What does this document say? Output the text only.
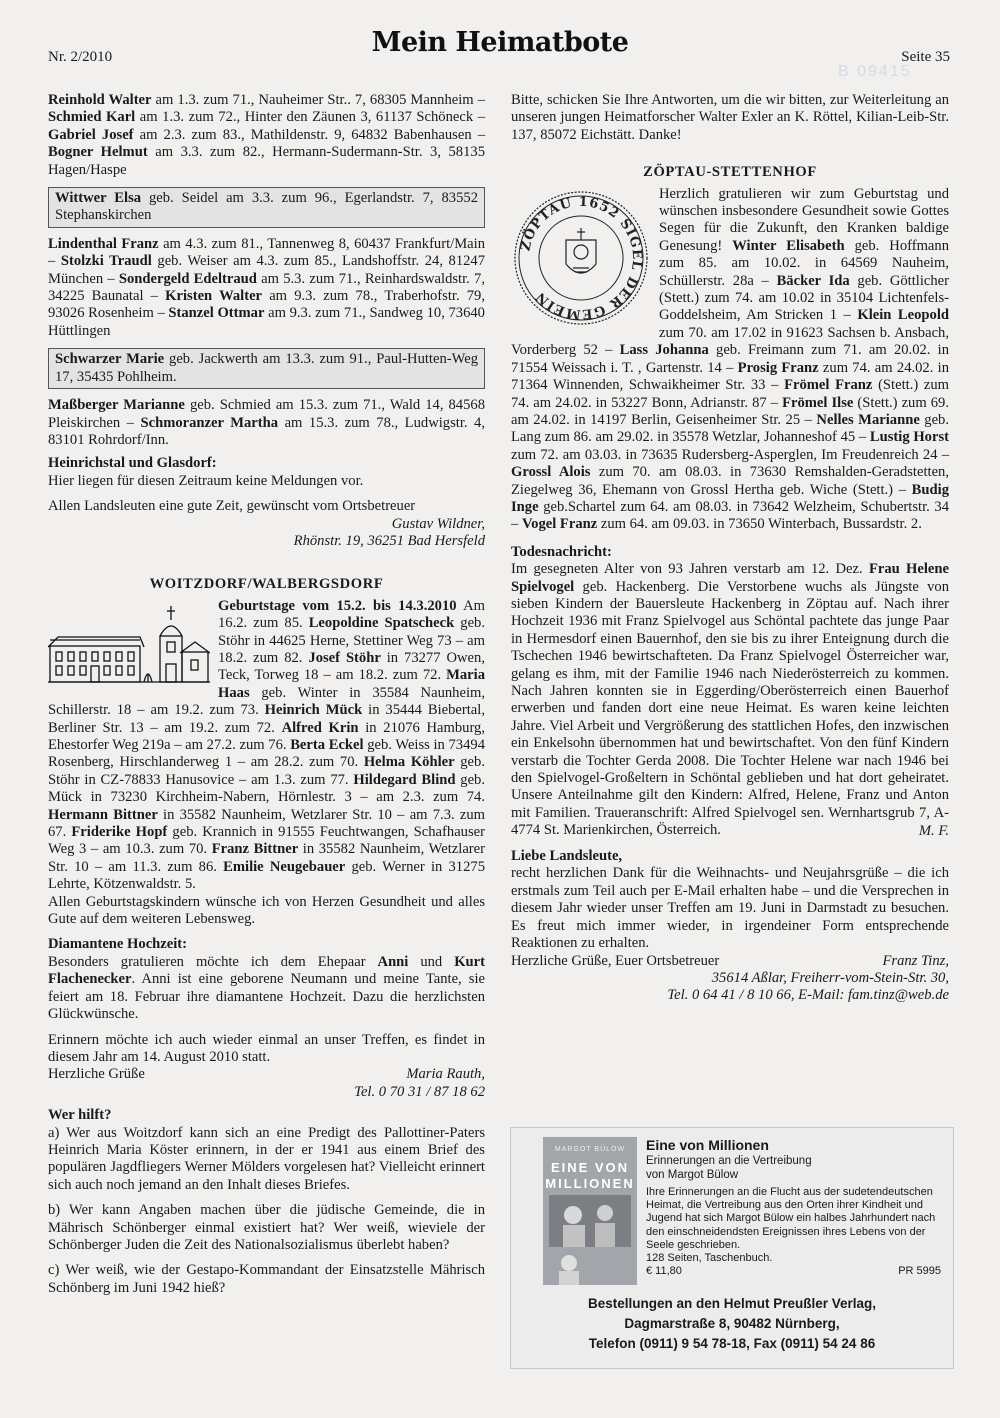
Nr. 2/2010	Mein Heimatbote	Seite 35
B 09415

Reinhold Walter am 1.3. zum 71., Nauheimer Str.. 7, 68305 Mannheim – Schmied Karl am 1.3. zum 72., Hinter den Zäunen 3, 61137 Schöneck – Gabriel Josef am 2.3. zum 83., Mathildenstr. 9, 64832 Babenhausen – Bogner Helmut am 3.3. zum 82., Hermann-Sudermann-Str. 3, 58135 Hagen/Haspe

Wittwer Elsa geb. Seidel am 3.3. zum 96., Egerlandstr. 7, 83552 Stephanskirchen

Lindenthal Franz am 4.3. zum 81., Tannenweg 8, 60437 Frankfurt/Main – Stolzki Traudl geb. Weiser am 4.3. zum 85., Landshoffstr. 24, 81247 München – Sondergeld Edeltraud am 5.3. zum 71., Reinhardswaldstr. 7, 34225 Baunatal – Kristen Walter am 9.3. zum 78., Traberhofstr. 79, 93026 Rosenheim – Stanzel Ottmar am 9.3. zum 71., Sandweg 10, 73640 Hüttlingen

Schwarzer Marie geb. Jackwerth am 13.3. zum 91., Paul-Hutten-Weg 17, 35435 Pohlheim.

Maßberger Marianne geb. Schmied am 15.3. zum 71., Wald 14, 84568 Pleiskirchen – Schmoranzer Martha am 15.3. zum 78., Ludwigstr. 4, 83101 Rohrdorf/Inn.

Heinrichstal und Glasdorf:

Hier liegen für diesen Zeitraum keine Meldungen vor.

Allen Landsleuten eine gute Zeit, gewünscht vom Ortsbetreuer

Gustav Wildner,
Rhönstr. 19, 36251 Bad Hersfeld
WOITZDORF/WALBERGSDORF

Geburtstage vom 15.2. bis 14.3.2010 Am 16.2. zum 85. Leopoldine Spatscheck geb. Stöhr in 44625 Herne, Stettiner Weg 73 – am 18.2. zum 82. Josef Stöhr in 73277 Owen, Teck, Torweg 18 – am 18.2. zum 72. Maria Haas geb. Winter in 35584 Naunheim, Schillerstr. 18 – am 19.2. zum 73. Heinrich Mück in 35444 Biebertal, Berliner Str. 13 – am 19.2. zum 72. Alfred Krin in 21076 Hamburg, Ehestorfer Weg 219a – am 27.2. zum 76. Berta Eckel geb. Weiss in 73494 Rosenberg, Hirschlanderweg 1 – am 28.2. zum 70. Helma Köhler geb. Stöhr in CZ-78833 Hanusovice – am 1.3. zum 77. Hildegard Blind geb. Mück in 73230 Kirchheim-Nabern, Hörnlestr. 3 – am 2.3. zum 74. Hermann Bittner in 35582 Naunheim, Wetzlarer Str. 10 – am 7.3. zum 67. Friderike Hopf geb. Krannich in 91555 Feuchtwangen, Schafhauser Weg 3 – am 10.3. zum 70. Franz Bittner in 35582 Naunheim, Wetzlarer Str. 10 – am 11.3. zum 86. Emilie Neugebauer geb. Werner in 31275 Lehrte, Kötzenwaldstr. 5.

Allen Geburtstagskindern wünsche ich von Herzen Gesundheit und alles Gute auf dem weiteren Lebensweg.

Diamantene Hochzeit:

Besonders gratulieren möchte ich dem Ehepaar Anni und Kurt Flachenecker. Anni ist eine geborene Neumann und meine Tante, sie feiert am 18. Februar ihre diamantene Hochzeit. Dazu die herzlichsten Glückwünsche.

Erinnern möchte ich auch wieder einmal an unser Treffen, es findet in diesem Jahr am 14. August 2010 statt.

Herzliche Grüße	Maria Rauth,
Tel. 0 70 31 / 87 18 62
Wer hilft?

a) Wer aus Woitzdorf kann sich an eine Predigt des Pallottiner-Paters Heinrich Maria Köster erinnern, in der er 1941 aus einem Brief des populären Jagdfliegers Werner Mölders vorgelesen hat? Vielleicht erinnert sich auch noch jemand an den Inhalt dieses Briefes.

b) Wer kann Angaben machen über die jüdische Gemeinde, die in Mährisch Schönberger einmal existiert hat? Wer weiß, wieviele der Schönberger Juden die Zeit des Nationalsozialismus überlebt haben?

c) Wer weiß, wie der Gestapo-Kommandant der Einsatzstelle Mährisch Schönberg im Juni 1942 hieß?

Bitte, schicken Sie Ihre Antworten, um die wir bitten, zur Weiterleitung an unseren jungen Heimatforscher Walter Exler an K. Röttel, Kilian-Leib-Str. 137, 85072 Eichstätt. Danke!

ZÖPTAU-STETTENHOF
ZÖPTAU 1652 SIGEL DER GEMEIN

Herzlich gratulieren wir zum Geburtstag und wünschen insbesondere Gesundheit sowie Gottes Segen für die Zukunft, den Kranken baldige Genesung! Winter Elisabeth geb. Hoffmann zum 85. am 10.02. in 64569 Nauheim, Schüllerstr. 28a – Bäcker Ida geb. Göttlicher (Stett.) zum 74. am 10.02 in 35104 Lichtenfels-Goddelsheim, Am Stricken 1 – Klein Leopold zum 70. am 17.02 in 91623 Sachsen b. Ansbach, Vorderberg 52 – Lass Johanna geb. Freimann zum 71. am 20.02. in 71554 Weissach i. T. , Gartenstr. 14 – Prosig Franz zum 74. am 24.02. in 71364 Winnenden, Schwaikheimer Str. 33 – Frömel Franz (Stett.) zum 74. am 24.02. in 53227 Bonn, Adrianstr. 87 – Frömel Ilse (Stett.) zum 69. am 24.02. in 14197 Berlin, Geisenheimer Str. 25 – Nelles Marianne geb. Lang zum 86. am 29.02. in 35578 Wetzlar, Johanneshof 45 – Lustig Horst zum 72. am 03.03. in 73635 Rudersberg-Asperglen, Im Freudenreich 24 – Grossl Alois zum 70. am 08.03. in 73630 Remshalden-Geradstetten, Ziegelweg 36, Ehemann von Grossl Hertha geb. Wiche (Stett.) – Budig Inge geb.Schartel zum 64. am 08.03. in 73642 Welzheim, Schubertstr. 34 – Vogel Franz zum 64. am 09.03. in 73650 Winterbach, Bussardstr. 2.

Todesnachricht:

Im gesegneten Alter von 93 Jahren verstarb am 12. Dez. Frau Helene Spielvogel geb. Hackenberg. Die Verstorbene wuchs als Jüngste von sieben Kindern der Bauersleute Hackenberg in Zöptau auf. Nach ihrer Hochzeit 1936 mit Franz Spielvogel aus Schöntal pachtete das junge Paar in Hermesdorf einen Bauernhof, den sie bis zu ihrer Enteignung durch die Tschechen 1946 bewirtschafteten. Da Franz Spielvogel Österreicher war, gelang es ihm, mit der Familie 1946 nach Niederösterreich zu kommen. Nach Jahren konnten sie in Eggerding/Oberösterreich einen Bauerhof erwerben und fanden dort eine neue Heimat. Es waren keine leichten Jahre. Viel Arbeit und Vergrößerung des stattlichen Hofes, den inzwischen ein Enkelsohn übernommen hat und bewirtschaftet. Von den fünf Kindern verstarb die Tochter Gerda 2008. Die Tochter Helene war nach 1946 bei den Spielvogel-Großeltern in Schöntal geblieben und hat dort geheiratet. Unsere Anteilnahme gilt den Kindern: Alfred, Helene, Franz und Anton mit Familien. Traueranschrift: Alfred Spielvogel sen. Wernhartsgrub 7, A-4774 St. Marienkirchen, Österreich.	M. F.
Liebe Landsleute,

recht herzlichen Dank für die Weihnachts- und Neujahrsgrüße – die ich erstmals zum Teil auch per E-Mail erhalten habe – und die Versprechen in diesem Jahr wieder unser Treffen am 19. Juni in Darmstadt zu besuchen. Es freut mich immer wieder, in irgendeiner Form entsprechende Reaktionen zu erhalten.

Herzliche Grüße, Euer Ortsbetreuer	Franz Tinz,
35614 Aßlar, Freiherr-vom-Stein-Str. 30,
Tel. 0 64 41 / 8 10 66, E-Mail: fam.tinz@web.de
MARGOT BÜLOW
EINE VON
MILLIONEN
Eine von Millionen
Erinnerungen an die Vertreibung
von Margot Bülow
Ihre Erinnerungen an die Flucht aus der sudetendeutschen Heimat, die Vertreibung aus den Orten ihrer Kindheit und Jugend hat sich Margot Bülow ein halbes Jahrhundert nach den einschneidendsten Ereignissen ihres Lebens von der Seele geschrieben.
128 Seiten, Taschenbuch.
€ 11,80	PR 5995
Bestellungen an den Helmut Preußler Verlag,
Dagmarstraße 8, 90482 Nürnberg,
Telefon (0911) 9 54 78-18, Fax (0911) 54 24 86
